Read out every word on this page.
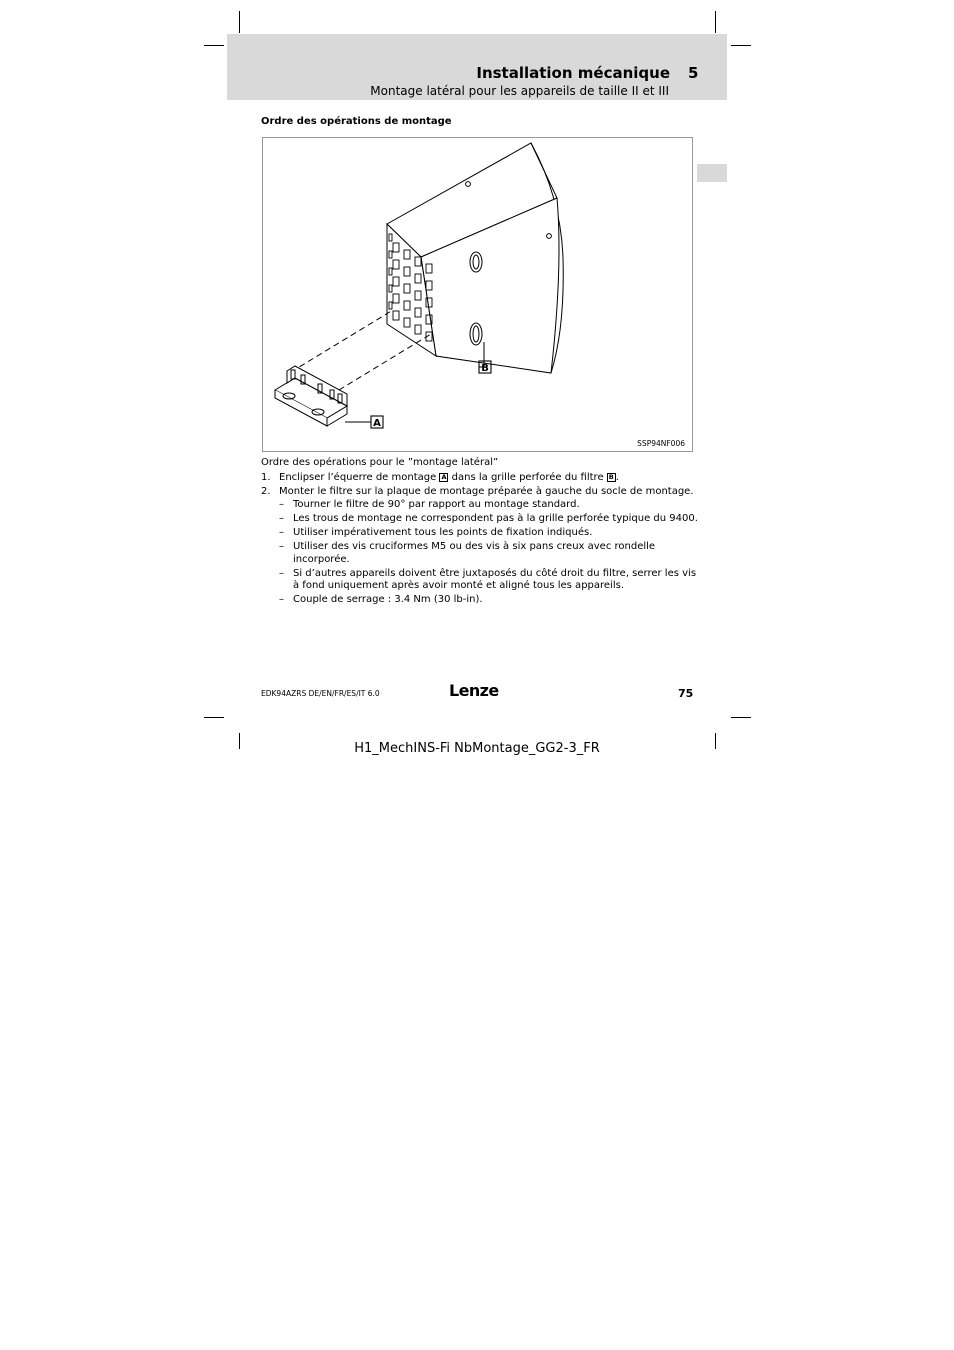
Installation mécanique 5
Montage latéral pour les appareils de taille II et III
Ordre des opérations de montage
B
A
SSP94NF006
Ordre des opérations pour le ”montage latéral”
1. Enclipser l’équerre de montage A dans la grille perforée du filtre B .
2. Monter le filtre sur la plaque de montage préparée à gauche du socle de montage.
– Tourner le filtre de 90° par rapport au montage standard.
– Les trous de montage ne correspondent pas à la grille perforée typique du 9400.
– Utiliser impérativement tous les points de fixation indiqués.
– Utiliser des vis cruciformes M5 ou des vis à six pans creux avec rondelle incorporée.
– Si d’autres appareils doivent être juxtaposés du côté droit du filtre, serrer les vis à fond uniquement après avoir monté et aligné tous les appareils.
– Couple de serrage : 3.4 Nm (30 lb-in).
EDK94AZRS DE/EN/FR/ES/IT 6.0	Lenze	75
H1_MechINS-Fi NbMontage_GG2-3_FR
